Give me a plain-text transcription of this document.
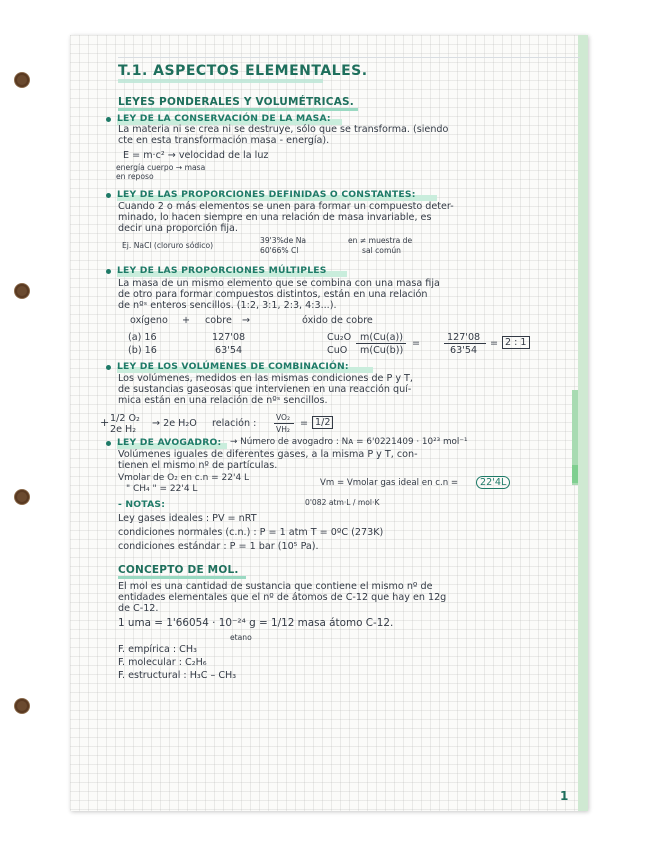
T.1. ASPECTOS ELEMENTALES.
LEYES PONDERALES Y VOLUMÉTRICAS.
LEY DE LA CONSERVACIÓN DE LA MASA:
La materia ni se crea ni se destruye, sólo que se transforma. (siendo
cte en esta transformación masa - energía).
E = m·c² → velocidad de la luz
energía cuerpo → masa
en reposo
LEY DE LAS PROPORCIONES DEFINIDAS O CONSTANTES:
Cuando 2 o más elementos se unen para formar un compuesto deter-
minado, lo hacen siempre en una relación de masa invariable, es
decir una proporción fija.
Ej. NaCl (cloruro sódico)
39'3%de Na
60'66% Cl
en ≠ muestra de
sal común
LEY DE LAS PROPORCIONES MÚLTIPLES
La masa de un mismo elemento que se combina con una masa fija
de otro para formar compuestos distintos, están en una relación
de nºˢ enteros sencillos. (1:2, 3:1, 2:3, 4:3...).
oxígeno + cobre →	óxido de cobre
(a) 16	127'08	Cu₂O m(Cu(a))	127'08
(b) 16	63'54	CuO m(Cu(b))	63'54
=	= 2 : 1
LEY DE LOS VOLÚMENES DE COMBINACIÓN:
Los volúmenes, medidos en las mismas condiciones de P y T,
de sustancias gaseosas que intervienen en una reacción quí-
mica están en una relación de nºˢ sencillos.
+ 1/2 O₂
2e H₂
→ 2e H₂O relación :
VO₂
VH₂
= 1/2
LEY DE AVOGADRO: → Número de avogadro : Nᴀ = 6'0221409 · 10²³ mol⁻¹
Volúmenes iguales de diferentes gases, a la misma P y T, con-
tienen el mismo nº de partículas.
Vmolar de O₂ en c.n = 22'4 L
" CH₄ " = 22'4 L
Vm = Vmolar gas ideal en c.n =	22'4L
- NOTAS:	0'082 atm·L / mol·K
Ley gases ideales : PV = nRT
condiciones normales (c.n.) : P = 1 atm T = 0ºC (273K)
condiciones estándar : P = 1 bar (10⁵ Pa).
CONCEPTO DE MOL.
El mol es una cantidad de sustancia que contiene el mismo nº de
entidades elementales que el nº de átomos de C-12 que hay en 12g
de C-12.
1 uma = 1'66054 · 10⁻²⁴ g = 1/12 masa átomo C-12.
etano
F. empírica : CH₃
F. molecular : C₂H₆
F. estructural : H₃C – CH₃
1
